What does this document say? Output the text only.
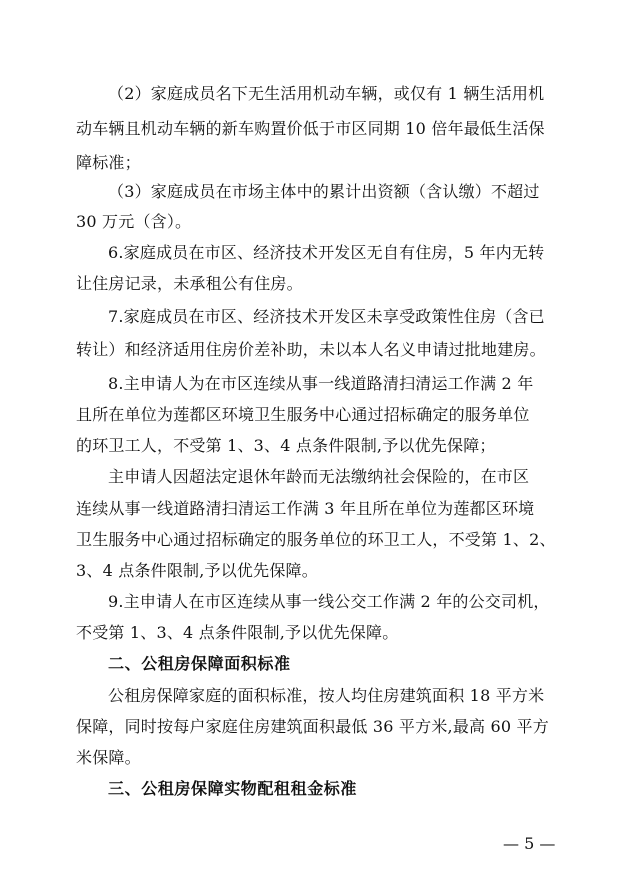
（2）家庭成员名下无生活用机动车辆，或仅有 1 辆生活用机
动车辆且机动车辆的新车购置价低于市区同期 10 倍年最低生活保
障标准；
（3）家庭成员在市场主体中的累计出资额（含认缴）不超过
30 万元（含）。
6.家庭成员在市区、经济技术开发区无自有住房，5 年内无转
让住房记录，未承租公有住房。
7.家庭成员在市区、经济技术开发区未享受政策性住房（含已
转让）和经济适用住房价差补助，未以本人名义申请过批地建房。
8.主申请人为在市区连续从事一线道路清扫清运工作满 2 年
且所在单位为莲都区环境卫生服务中心通过招标确定的服务单位
的环卫工人，不受第 1、3、4 点条件限制,予以优先保障；
主申请人因超法定退休年龄而无法缴纳社会保险的，在市区
连续从事一线道路清扫清运工作满 3 年且所在单位为莲都区环境
卫生服务中心通过招标确定的服务单位的环卫工人，不受第 1、2、
3、4 点条件限制,予以优先保障。
9.主申请人在市区连续从事一线公交工作满 2 年的公交司机，
不受第 1、3、4 点条件限制,予以优先保障。
二、公租房保障面积标准
公租房保障家庭的面积标准，按人均住房建筑面积 18 平方米
保障，同时按每户家庭住房建筑面积最低 36 平方米,最高 60 平方
米保障。
三、公租房保障实物配租租金标准
— 5 —
